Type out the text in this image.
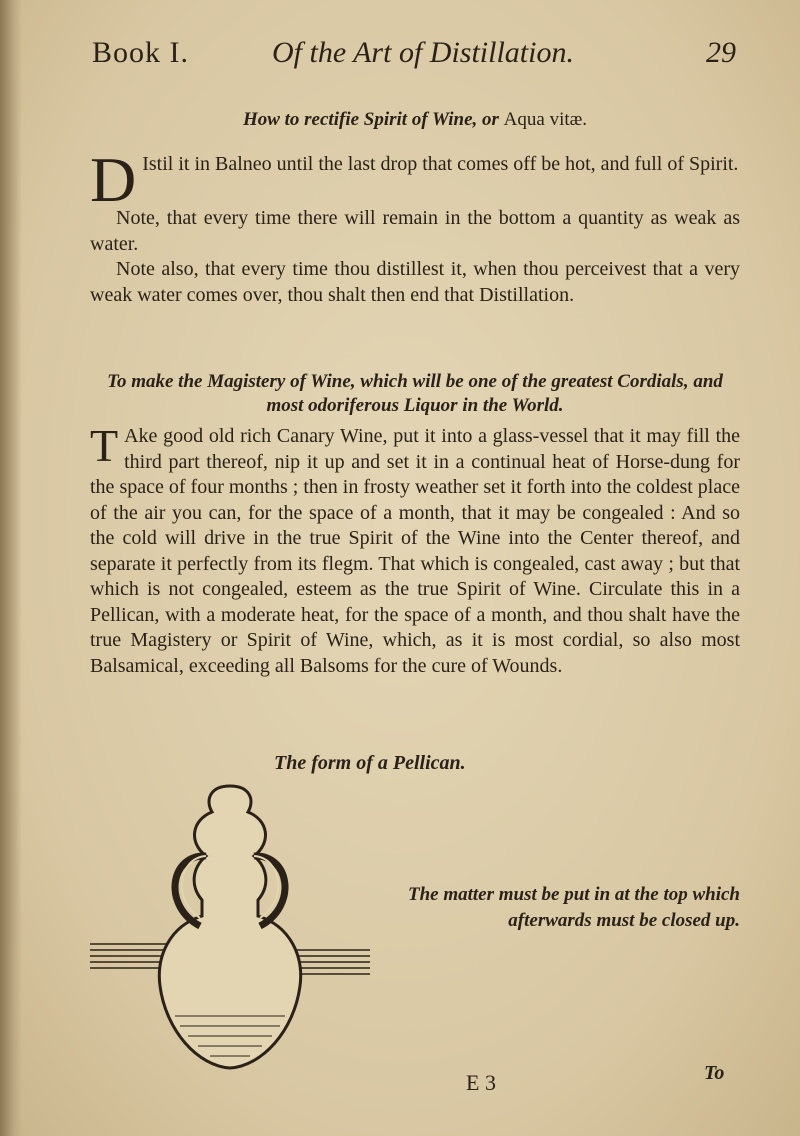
Book I.	Of the Art of Distillation.	29
How to rectifie Spirit of Wine, or Aqua vitæ.

D Istil it in Balneo until the last drop that comes off be hot, and full of Spirit.

Note, that every time there will remain in the bottom a quantity as weak as water.

Note also, that every time thou distillest it, when thou perceivest that a very weak water comes over, thou shalt then end that Distillation.

To make the Magistery of Wine, which will be one of the greatest Cordials, and most odoriferous Liquor in the World.

T Ake good old rich Canary Wine, put it into a glass-vessel that it may fill the third part thereof, nip it up and set it in a continual heat of Horse-dung for the space of four months ; then in frosty weather set it forth into the coldest place of the air you can, for the space of a month, that it may be congealed : And so the cold will drive in the true Spirit of the Wine into the Center thereof, and separate it perfectly from its flegm. That which is congealed, cast away ; but that which is not congealed, esteem as the true Spirit of Wine. Circulate this in a Pellican, with a moderate heat, for the space of a month, and thou shalt have the true Magistery or Spirit of Wine, which, as it is most cordial, so also most Balsamical, exceeding all Balsoms for the cure of Wounds.

The form of a Pellican.
The matter must be put in at the top which afterwards must be closed up.
E 3	To
